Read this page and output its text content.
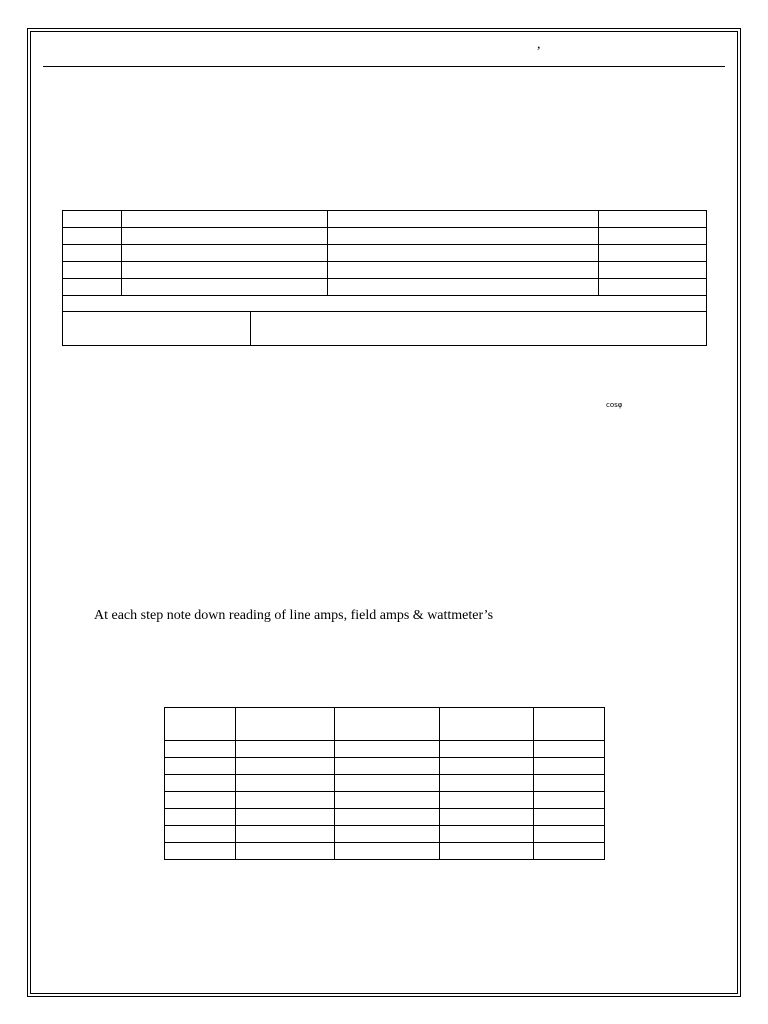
,

cosφ
At each step note down reading of line amps, field amps & wattmeter’s
